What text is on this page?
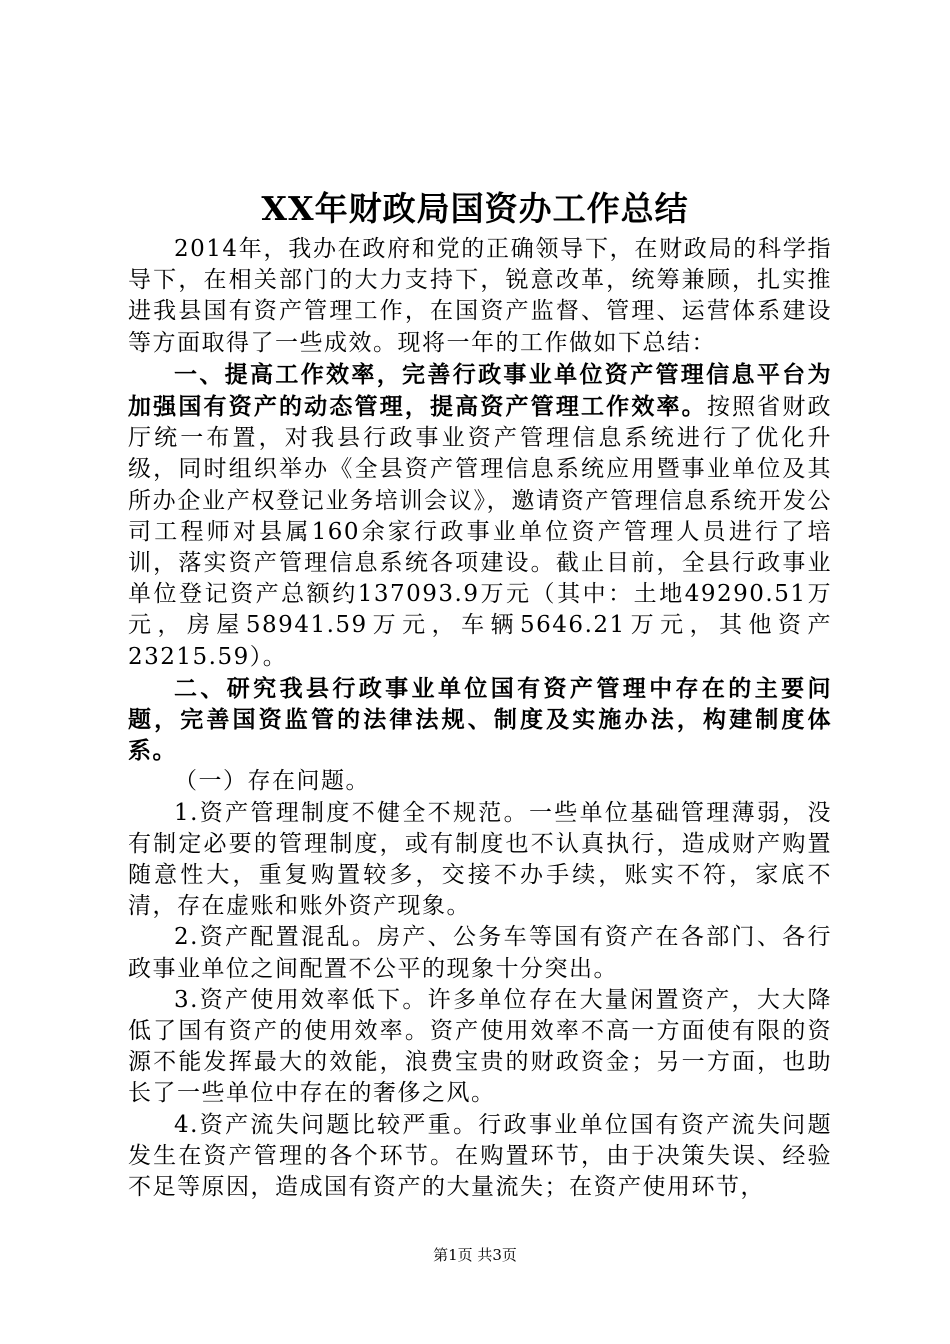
XX年财政局国资办工作总结

2014年，我办在政府和党的正确领导下，在财政局的科学指导下，在相关部门的大力支持下，锐意改革，统筹兼顾，扎实推进我县国有资产管理工作，在国资产监督、管理、运营体系建设等方面取得了一些成效。现将一年的工作做如下总结：

一、提高工作效率，完善行政事业单位资产管理信息平台为加强国有资产的动态管理，提高资产管理工作效率。按照省财政厅统一布置，对我县行政事业资产管理信息系统进行了优化升级，同时组织举办《全县资产管理信息系统应用暨事业单位及其所办企业产权登记业务培训会议》，邀请资产管理信息系统开发公司工程师对县属160余家行政事业单位资产管理人员进行了培训，落实资产管理信息系统各项建设。截止目前，全县行政事业单位登记资产总额约137093.9万元（其中：土地49290.51万元，房屋58941.59万元，车辆5646.21万元，其他资产23215.59）。

二、研究我县行政事业单位国有资产管理中存在的主要问题，完善国资监管的法律法规、制度及实施办法，构建制度体系。

（一）存在问题。

1.资产管理制度不健全不规范。一些单位基础管理薄弱，没有制定必要的管理制度，或有制度也不认真执行，造成财产购置随意性大，重复购置较多，交接不办手续，账实不符，家底不清，存在虚账和账外资产现象。

2.资产配置混乱。房产、公务车等国有资产在各部门、各行政事业单位之间配置不公平的现象十分突出。

3.资产使用效率低下。许多单位存在大量闲置资产，大大降低了国有资产的使用效率。资产使用效率不高一方面使有限的资源不能发挥最大的效能，浪费宝贵的财政资金；另一方面，也助长了一些单位中存在的奢侈之风。

4.资产流失问题比较严重。行政事业单位国有资产流失问题发生在资产管理的各个环节。在购置环节，由于决策失误、经验不足等原因，造成国有资产的大量流失；在资产使用环节，

第1页 共3页
